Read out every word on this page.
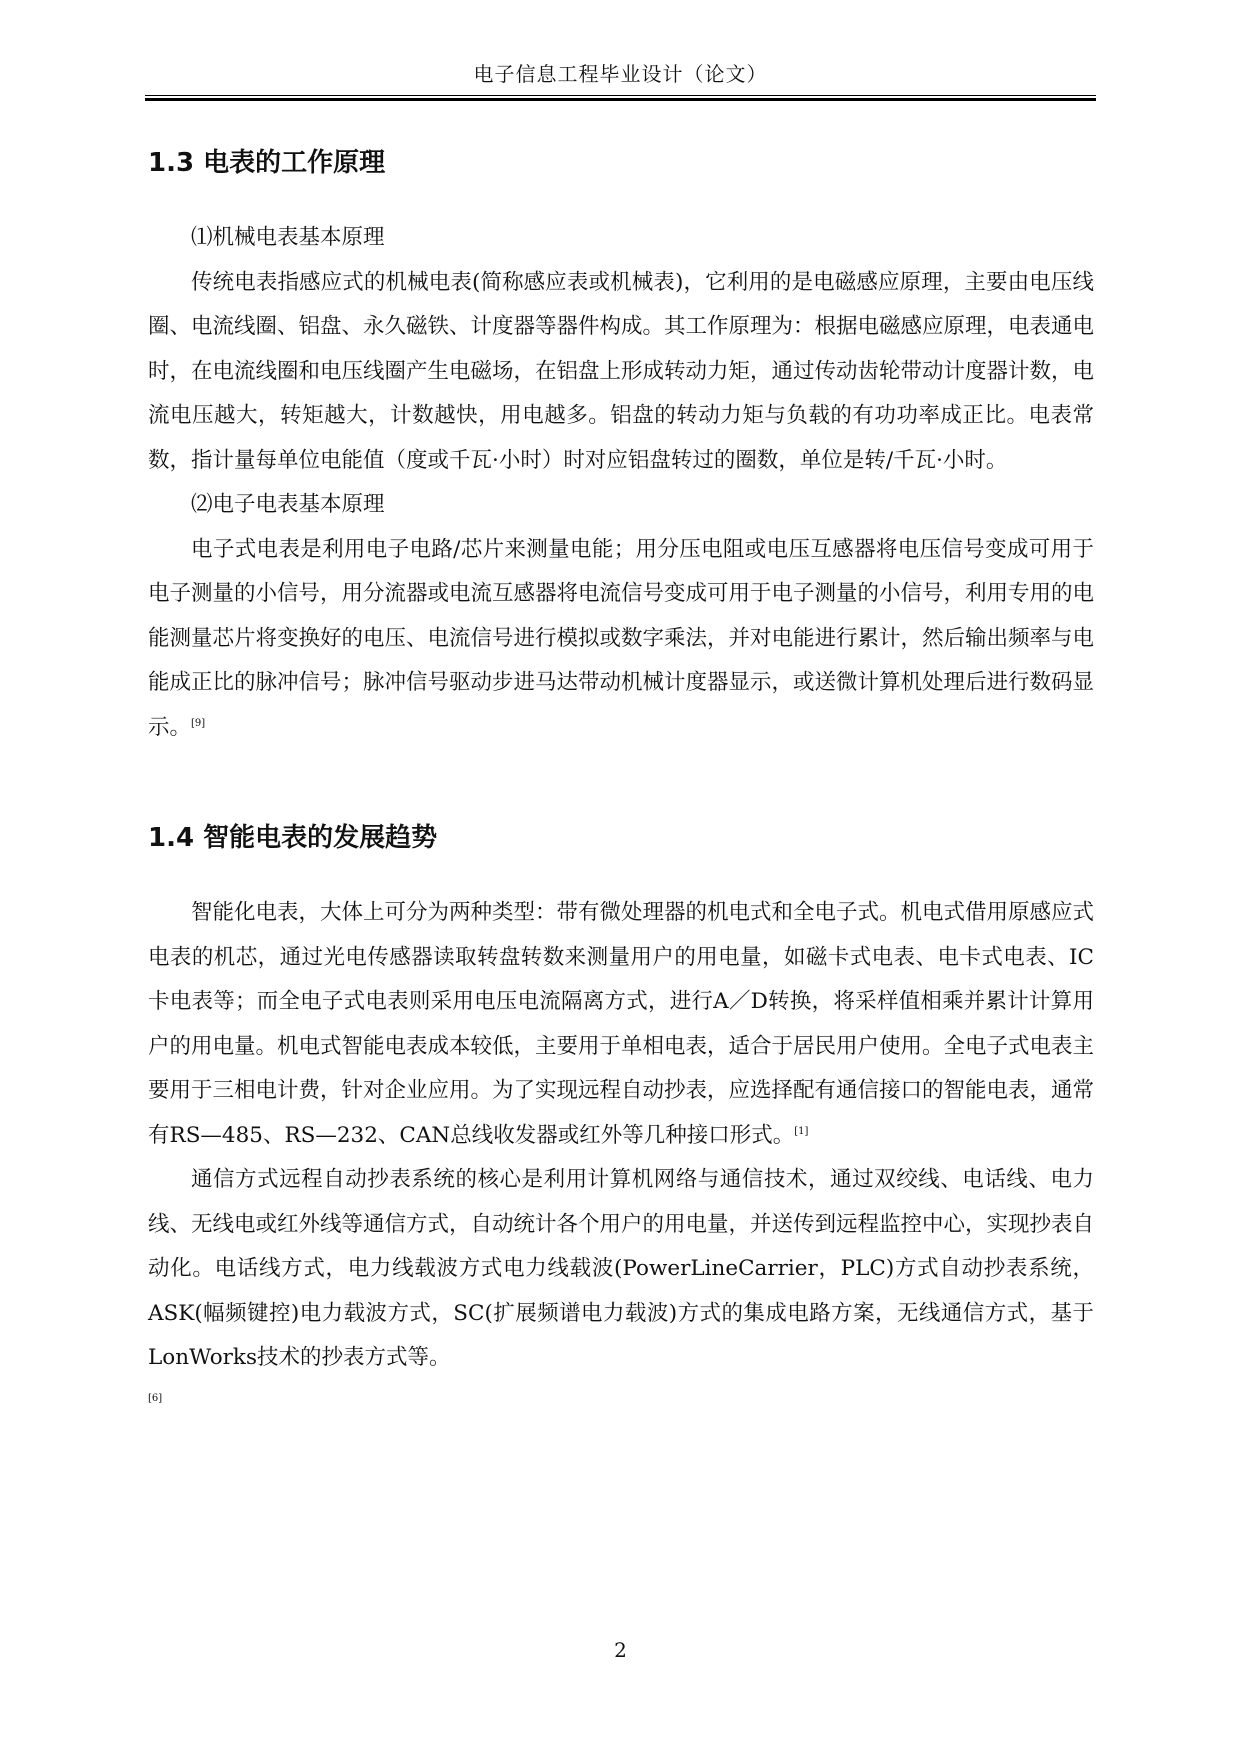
电子信息工程毕业设计（论文）
1.3 电表的工作原理

⑴机械电表基本原理

传统电表指感应式的机械电表(简称感应表或机械表)，它利用的是电磁感应原理，主要由电压线圈、电流线圈、铝盘、永久磁铁、计度器等器件构成。其工作原理为：根据电磁感应原理，电表通电时，在电流线圈和电压线圈产生电磁场，在铝盘上形成转动力矩，通过传动齿轮带动计度器计数，电流电压越大，转矩越大，计数越快，用电越多。铝盘的转动力矩与负载的有功功率成正比。电表常数，指计量每单位电能值（度或千瓦·小时）时对应铝盘转过的圈数，单位是转/千瓦·小时。

⑵电子电表基本原理

电子式电表是利用电子电路/芯片来测量电能；用分压电阻或电压互感器将电压信号变成可用于电子测量的小信号，用分流器或电流互感器将电流信号变成可用于电子测量的小信号，利用专用的电能测量芯片将变换好的电压、电流信号进行模拟或数字乘法，并对电能进行累计，然后输出频率与电能成正比的脉冲信号；脉冲信号驱动步进马达带动机械计度器显示，或送微计算机处理后进行数码显示。[9]

1.4 智能电表的发展趋势

智能化电表，大体上可分为两种类型：带有微处理器的机电式和全电子式。机电式借用原感应式电表的机芯，通过光电传感器读取转盘转数来测量用户的用电量，如磁卡式电表、电卡式电表、IC卡电表等；而全电子式电表则采用电压电流隔离方式，进行A／D转换，将采样值相乘并累计计算用户的用电量。机电式智能电表成本较低，主要用于单相电表，适合于居民用户使用。全电子式电表主要用于三相电计费，针对企业应用。为了实现远程自动抄表，应选择配有通信接口的智能电表，通常有RS—485、RS—232、CAN总线收发器或红外等几种接口形式。[1]

通信方式远程自动抄表系统的核心是利用计算机网络与通信技术，通过双绞线、电话线、电力线、无线电或红外线等通信方式，自动统计各个用户的用电量，并送传到远程监控中心，实现抄表自动化。电话线方式，电力线载波方式电力线载波(PowerLineCarrier，PLC)方式自动抄表系统，ASK(幅频键控)电力载波方式，SC(扩展频谱电力载波)方式的集成电路方案，无线通信方式，基于LonWorks技术的抄表方式等。

[6]

2
